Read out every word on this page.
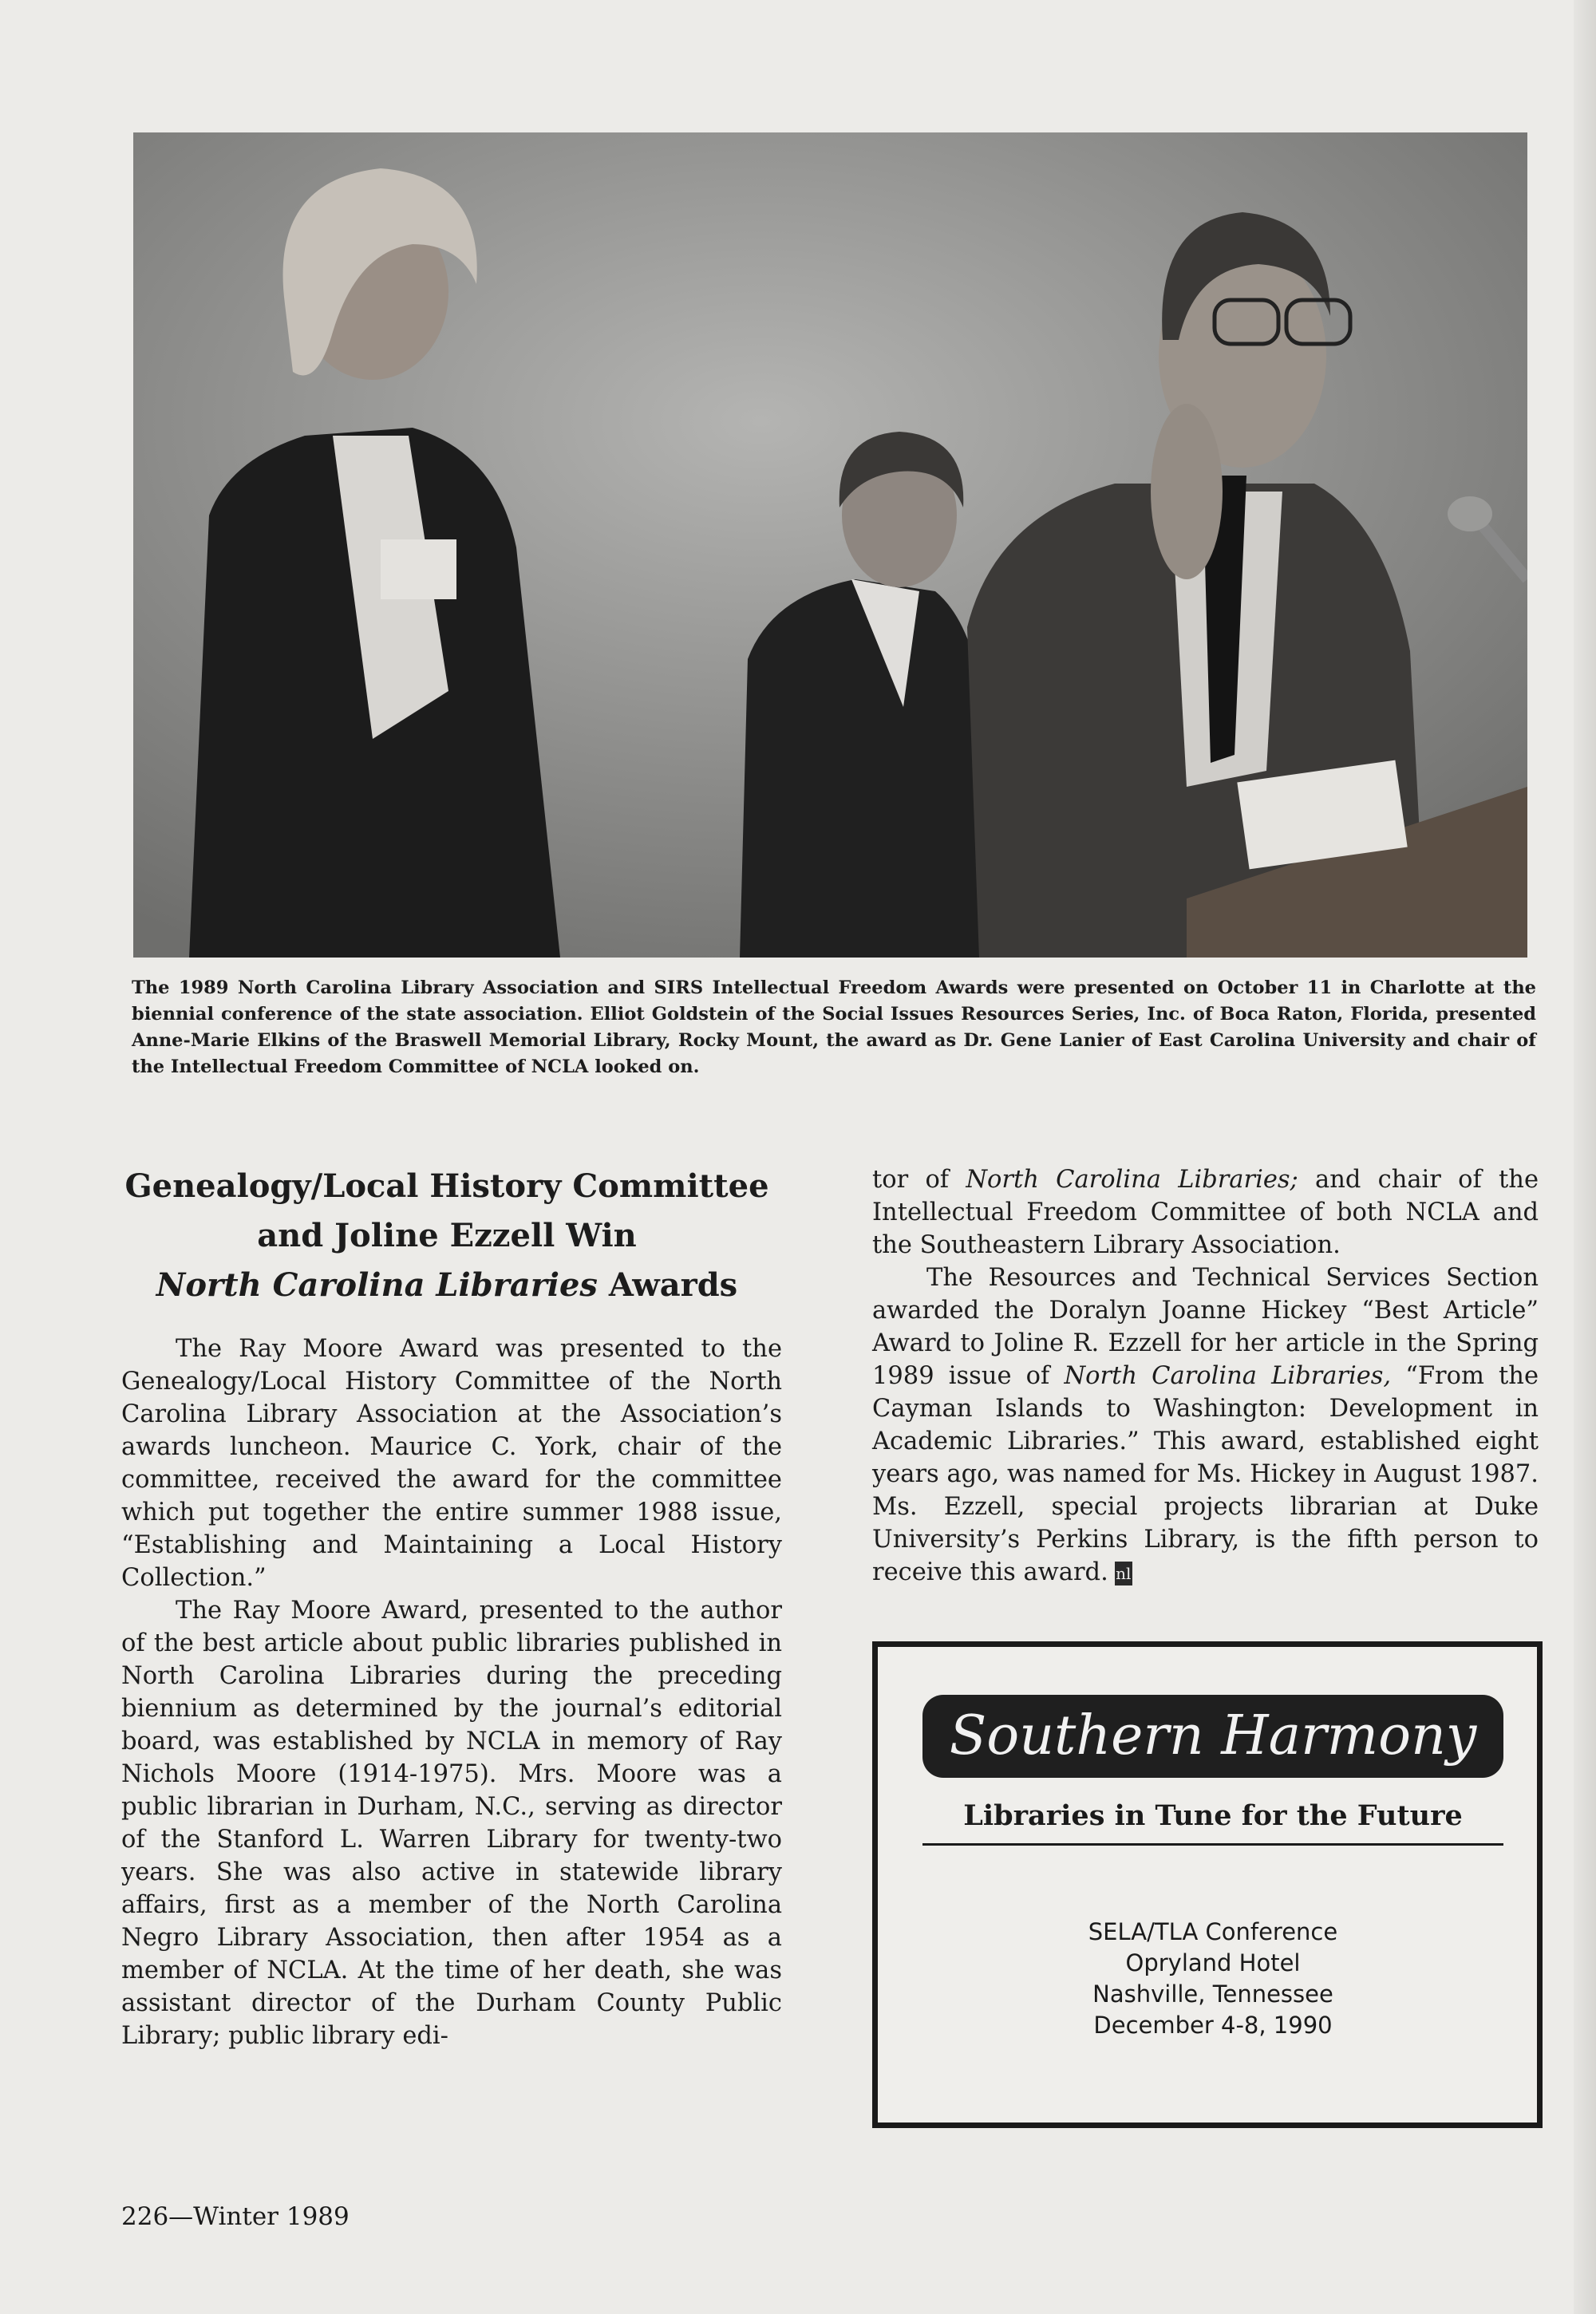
The 1989 North Carolina Library Association and SIRS Intellectual Freedom Awards were presented on October 11 in Charlotte at the biennial conference of the state association. Elliot Goldstein of the Social Issues Resources Series, Inc. of Boca Raton, Florida, presented Anne-Marie Elkins of the Braswell Memorial Library, Rocky Mount, the award as Dr. Gene Lanier of East Carolina University and chair of the Intellectual Freedom Committee of NCLA looked on.
Genealogy/Local History Committee
and Joline Ezzell Win
North Carolina Libraries Awards

The Ray Moore Award was presented to the Genealogy/Local History Committee of the North Carolina Library Association at the Association’s awards luncheon. Maurice C. York, chair of the committee, received the award for the committee which put together the entire summer 1988 issue, “Establishing and Maintaining a Local History Collection.”

The Ray Moore Award, presented to the author of the best article about public libraries published in North Carolina Libraries during the preceding biennium as determined by the journal’s editorial board, was established by NCLA in memory of Ray Nichols Moore (1914-1975). Mrs. Moore was a public librarian in Durham, N.C., serving as director of the Stanford L. Warren Library for twenty-two years. She was also active in statewide library affairs, first as a member of the North Carolina Negro Library Association, then after 1954 as a member of NCLA. At the time of her death, she was assistant director of the Durham County Public Library; public library edi-

tor of North Carolina Libraries; and chair of the Intellectual Freedom Committee of both NCLA and the Southeastern Library Association.

The Resources and Technical Services Section awarded the Doralyn Joanne Hickey “Best Article” Award to Joline R. Ezzell for her article in the Spring 1989 issue of North Carolina Libraries, “From the Cayman Islands to Washington: Development in Academic Libraries.” This award, established eight years ago, was named for Ms. Hickey in August 1987. Ms. Ezzell, special projects librarian at Duke University’s Perkins Library, is the fifth person to receive this award. nl

Southern Harmony
Libraries in Tune for the Future
SELA/TLA Conference
Opryland Hotel
Nashville, Tennessee
December 4-8, 1990
226—Winter 1989
